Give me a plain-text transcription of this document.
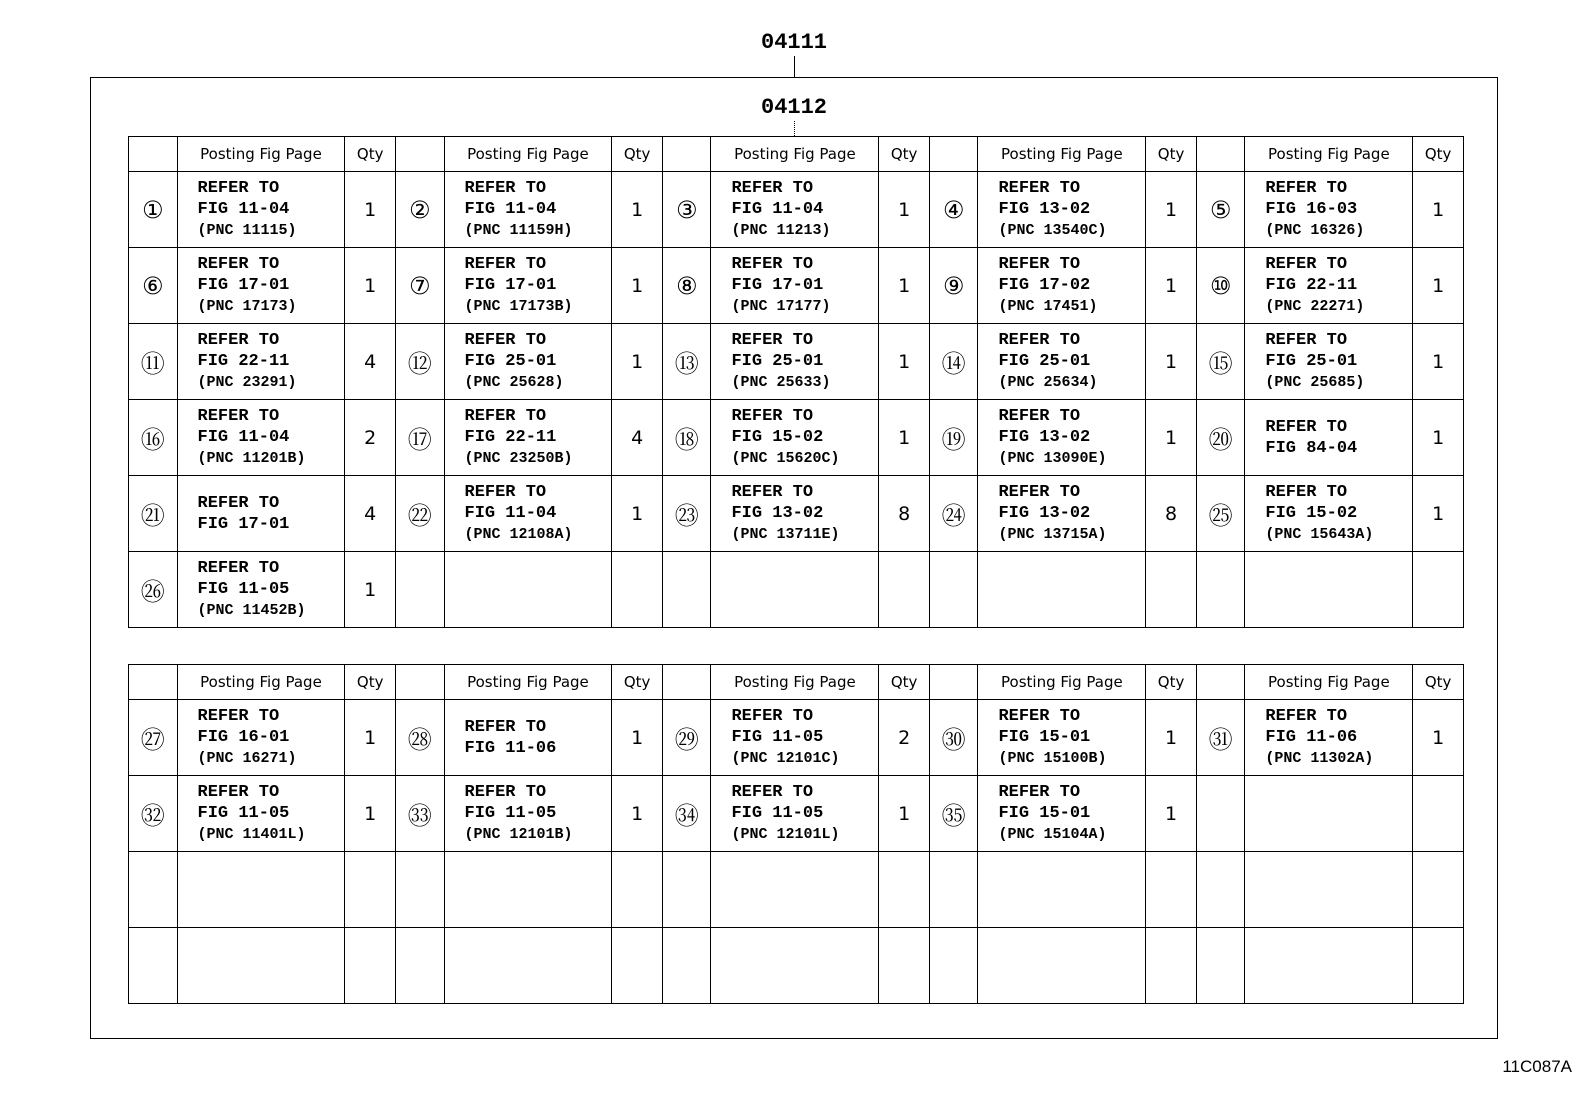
04111
04112
	Posting Fig Page	Qty		Posting Fig Page	Qty		Posting Fig Page	Qty		Posting Fig Page	Qty		Posting Fig Page	Qty
①	REFER TO
FIG 11-04
(PNC 11115)	1	②	REFER TO
FIG 11-04
(PNC 11159H)	1	③	REFER TO
FIG 11-04
(PNC 11213)	1	④	REFER TO
FIG 13-02
(PNC 13540C)	1	⑤	REFER TO
FIG 16-03
(PNC 16326)	1
⑥	REFER TO
FIG 17-01
(PNC 17173)	1	⑦	REFER TO
FIG 17-01
(PNC 17173B)	1	⑧	REFER TO
FIG 17-01
(PNC 17177)	1	⑨	REFER TO
FIG 17-02
(PNC 17451)	1	⑩	REFER TO
FIG 22-11
(PNC 22271)	1
⑪	REFER TO
FIG 22-11
(PNC 23291)	4	⑫	REFER TO
FIG 25-01
(PNC 25628)	1	⑬	REFER TO
FIG 25-01
(PNC 25633)	1	⑭	REFER TO
FIG 25-01
(PNC 25634)	1	⑮	REFER TO
FIG 25-01
(PNC 25685)	1
⑯	REFER TO
FIG 11-04
(PNC 11201B)	2	⑰	REFER TO
FIG 22-11
(PNC 23250B)	4	⑱	REFER TO
FIG 15-02
(PNC 15620C)	1	⑲	REFER TO
FIG 13-02
(PNC 13090E)	1	⑳	REFER TO
FIG 84-04	1
㉑	REFER TO
FIG 17-01	4	㉒	REFER TO
FIG 11-04
(PNC 12108A)	1	㉓	REFER TO
FIG 13-02
(PNC 13711E)	8	㉔	REFER TO
FIG 13-02
(PNC 13715A)	8	㉕	REFER TO
FIG 15-02
(PNC 15643A)	1
㉖	REFER TO
FIG 11-05
(PNC 11452B)	1		

	Posting Fig Page	Qty		Posting Fig Page	Qty		Posting Fig Page	Qty		Posting Fig Page	Qty		Posting Fig Page	Qty
㉗	REFER TO
FIG 16-01
(PNC 16271)	1	㉘	REFER TO
FIG 11-06	1	㉙	REFER TO
FIG 11-05
(PNC 12101C)	2	㉚	REFER TO
FIG 15-01
(PNC 15100B)	1	㉛	REFER TO
FIG 11-06
(PNC 11302A)	1
㉜	REFER TO
FIG 11-05
(PNC 11401L)	1	㉝	REFER TO
FIG 11-05
(PNC 12101B)	1	㉞	REFER TO
FIG 11-05
(PNC 12101L)	1	㉟	REFER TO
FIG 15-01
(PNC 15104A)	1		

11C087A
